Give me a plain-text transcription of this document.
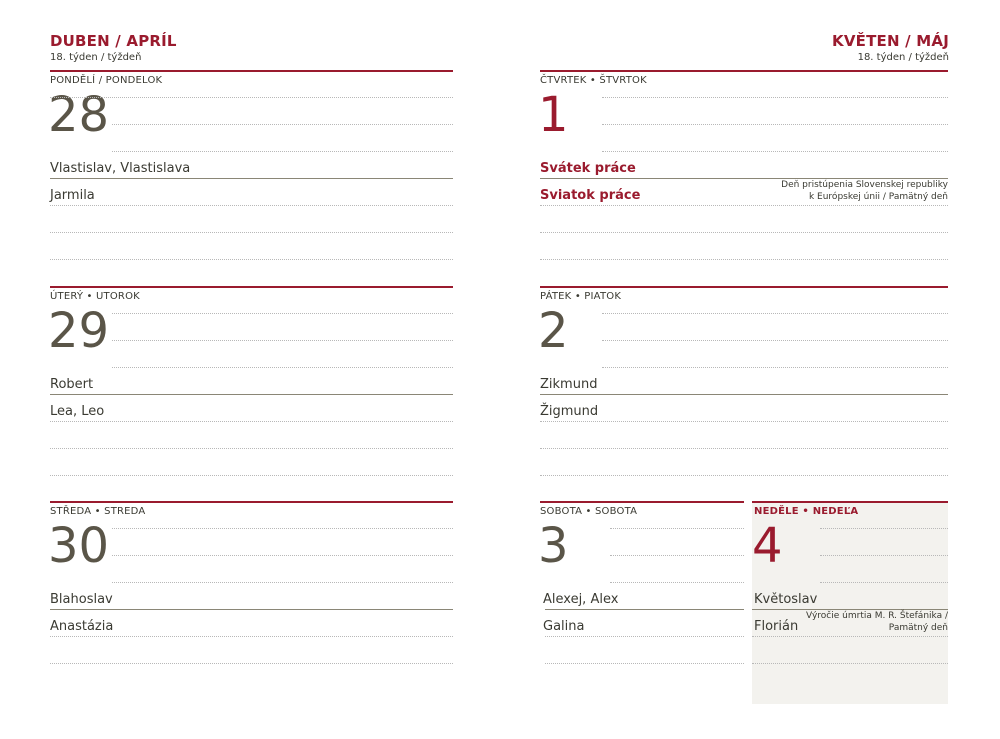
DUBEN / APRÍL
18. týden / týždeň
KVĚTEN / MÁJ
18. týden / týždeň
PONDĚLÍ / PONDELOK
28
Vlastislav, Vlastislava
Jarmila
ÚTERÝ • UTOROK
29
Robert
Lea, Leo
STŘEDA • STREDA
30
Blahoslav
Anastázia
ČTVRTEK • ŠTVRTOK
1
Svátek práce
Sviatok práce
Deň pristúpenia Slovenskej republiky
k Európskej únii / Pamätný deň
PÁTEK • PIATOK
2
Zikmund
Žigmund
SOBOTA • SOBOTA
3
Alexej, Alex
Galina
NEDĚLE • NEDEĽA
4
Květoslav
Florián
Výročie úmrtia M. R. Štefánika /
Pamätný deň
